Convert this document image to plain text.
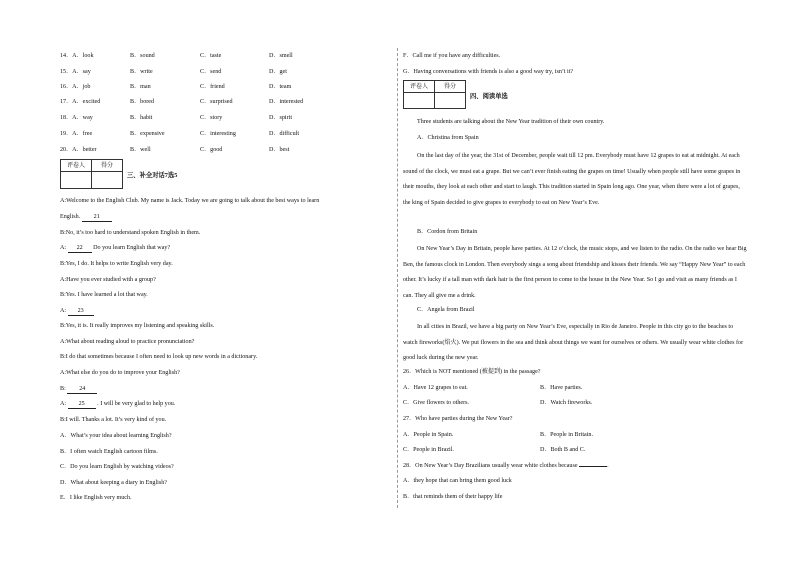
14．A．look	B．sound	C．taste	D．smell
15．A．say	B．write	C．send	D．get
16．A．job	B．man	C．friend	D．team
17．A．excited	B．bored	C．surprised	D．interested
18．A．way	B．habit	C．story	D．spirit
19．A．free	B．expensive	C．interesting	D．difficult
20．A．better	B．well	C．good	D．best
评卷人	得分

三、补全对话7选5
A:Welcome to the English Club. My name is Jack. Today we are going to talk about the best ways to learn
English. 21
B:No, it’s too hard to understand spoken English in them.
A: 22 Do you learn English that way?
B:Yes, I do. It helps to write English very day.
A:Have you ever studied with a group?
B:Yes. I have learned a lot that way.
A: 23
B:Yes, it is. It really improves my listening and speaking skills.
A:What about reading aloud to practice pronunciation?
B:I do that sometimes because I often need to look up new words in a dictionary.
A:What else do you do to improve your English?
B: 24
A: 25 . I will be very glad to help you.
B:I will. Thanks a lot. It’s very kind of you.
A．What’s your idea about learning English?
B．I often watch English cartoon films.
C．Do you learn English by watching videos?
D．What about keeping a diary in English?
E．I like English very much.
F．Call me if you have any difficulties.
G．Having conversations with friends is also a good way try, isn’t it?
评卷人	得分

四、阅读单选
Three students are talking about the New Year tradition of their own country.
A．Christina from Spain
On the last day of the year, the 31st of December, people wait till 12 pm. Everybody must have 12 grapes to eat at midnight. At each sound of the clock, we must eat a grape. But we can’t ever finish eating the grapes on time! Usually when people still have some grapes in their mouths, they look at each other and start to laugh. This tradition started in Spain long ago. One year, when there were a lot of grapes, the king of Spain decided to give grapes to everybody to eat on New Year’s Eve.
B．Cordon from Britain
On New Year’s Day in Britain, people have parties. At 12 o’clock, the music stops, and we listen to the radio. On the radio we hear Big Ben, the famous clock in London. Then everybody sings a song about friendship and kisses their friends. We say “Happy New Year” to each other. It’s lucky if a tall man with dark hair is the first person to come to the house in the New Year. So I go and visit as many friends as I can. They all give me a drink.
C．Angela from Brazil
In all cities in Brazil, we have a big party on New Year’s Eve, especially in Rio de Janeiro. People in this city go to the beaches to watch fireworks(焰火). We put flowers in the sea and think about things we want for ourselves or others. We usually wear white clothes for good luck during the new year.
26．Which is NOT mentioned (被提到) in the passage?
A．Have 12 grapes to eat.	B．Have parties.
C．Give flowers to others.	D．Watch fireworks.
27．Who have parties during the New Year?
A．People in Spain.	B．People in Britain.
C．People in Brazil.	D．Both B and C.
28．On New Year’s Day Brazilians usually wear white clothes because	.
A．they hope that can bring them good luck
B．that reminds them of their happy life
